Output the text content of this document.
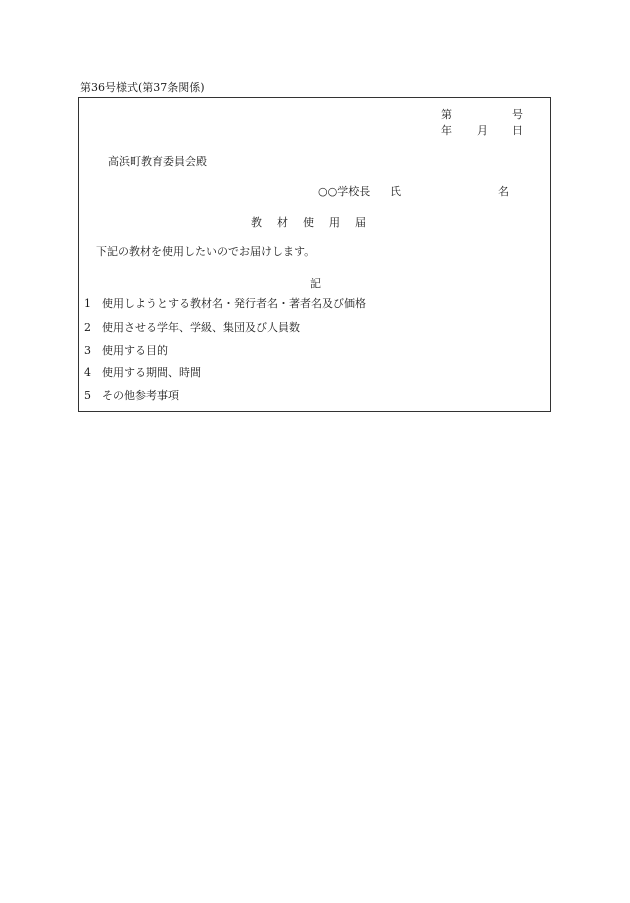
第36号様式(第37条関係)
第	号
年 月 日
高浜町教育委員会殿
○○学校長 氏	名
教	材	使	用	届
下記の教材を使用したいのでお届けします。
記
1 使用しようとする教材名・発行者名・著者名及び価格
2 使用させる学年、学級、集団及び人員数
3 使用する目的
4 使用する期間、時間
5 その他参考事項
